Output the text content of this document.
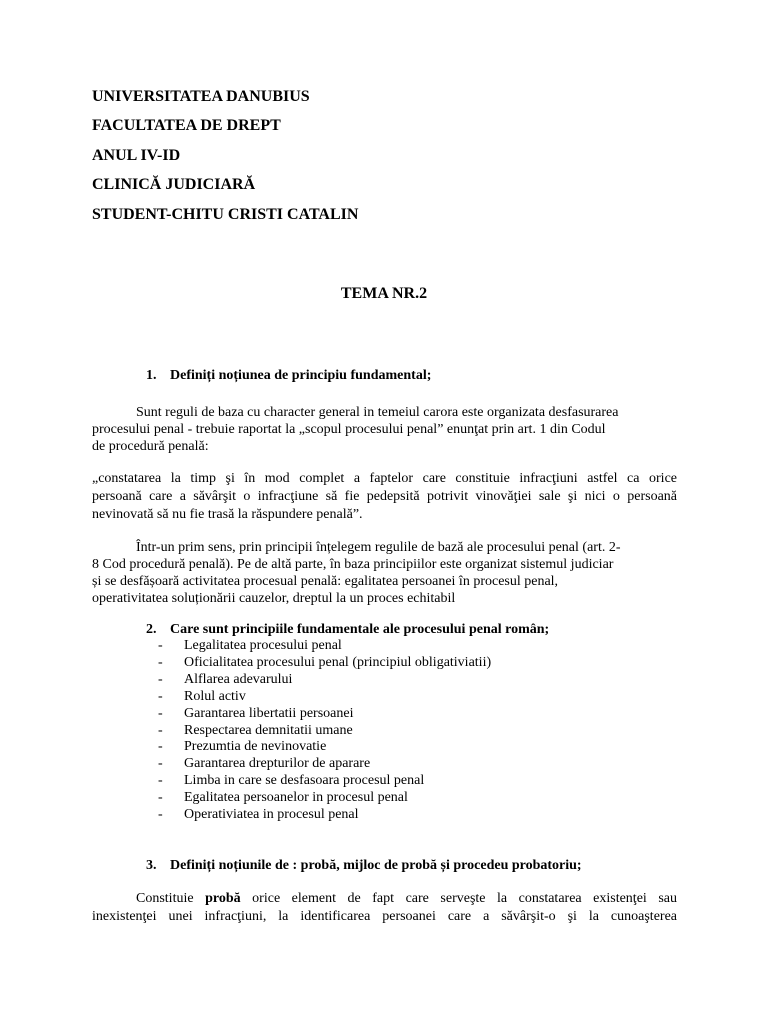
UNIVERSITATEA DANUBIUS
FACULTATEA DE DREPT
ANUL IV-ID
CLINICĂ JUDICIARĂ
STUDENT-CHITU CRISTI CATALIN
TEMA NR.2
1. Definiți noțiunea de principiu fundamental;
Sunt reguli de baza cu character general in temeiul carora este organizata desfasurarea
procesului penal - trebuie raportat la „scopul procesului penal” enunţat prin art. 1 din Codul
de procedură penală:
„constatarea la timp şi în mod complet a faptelor care constituie infracţiuni astfel ca orice
persoană care a săvârşit o infracţiune să fie pedepsită potrivit vinovăţiei sale şi nici o persoană
nevinovată să nu fie trasă la răspundere penală”.
Într-un prim sens, prin principii înțelegem regulile de bază ale procesului penal (art. 2-
8 Cod procedură penală). Pe de altă parte, în baza principiilor este organizat sistemul judiciar
și se desfășoară activitatea procesual penală: egalitatea persoanei în procesul penal,
operativitatea soluționării cauzelor, dreptul la un proces echitabil
2. Care sunt principiile fundamentale ale procesului penal român;
- Legalitatea procesului penal
- Oficialitatea procesului penal (principiul obligativiatii)
- Alflarea adevarului
- Rolul activ
- Garantarea libertatii persoanei
- Respectarea demnitatii umane
- Prezumtia de nevinovatie
- Garantarea drepturilor de aparare
- Limba in care se desfasoara procesul penal
- Egalitatea persoanelor in procesul penal
- Operativiatea in procesul penal
3. Definiți noțiunile de : probă, mijloc de probă și procedeu probatoriu;
Constituie probă orice element de fapt care serveşte la constatarea existenţei sau
inexistenţei unei infracţiuni, la identificarea persoanei care a săvârşit-o şi la cunoaşterea
